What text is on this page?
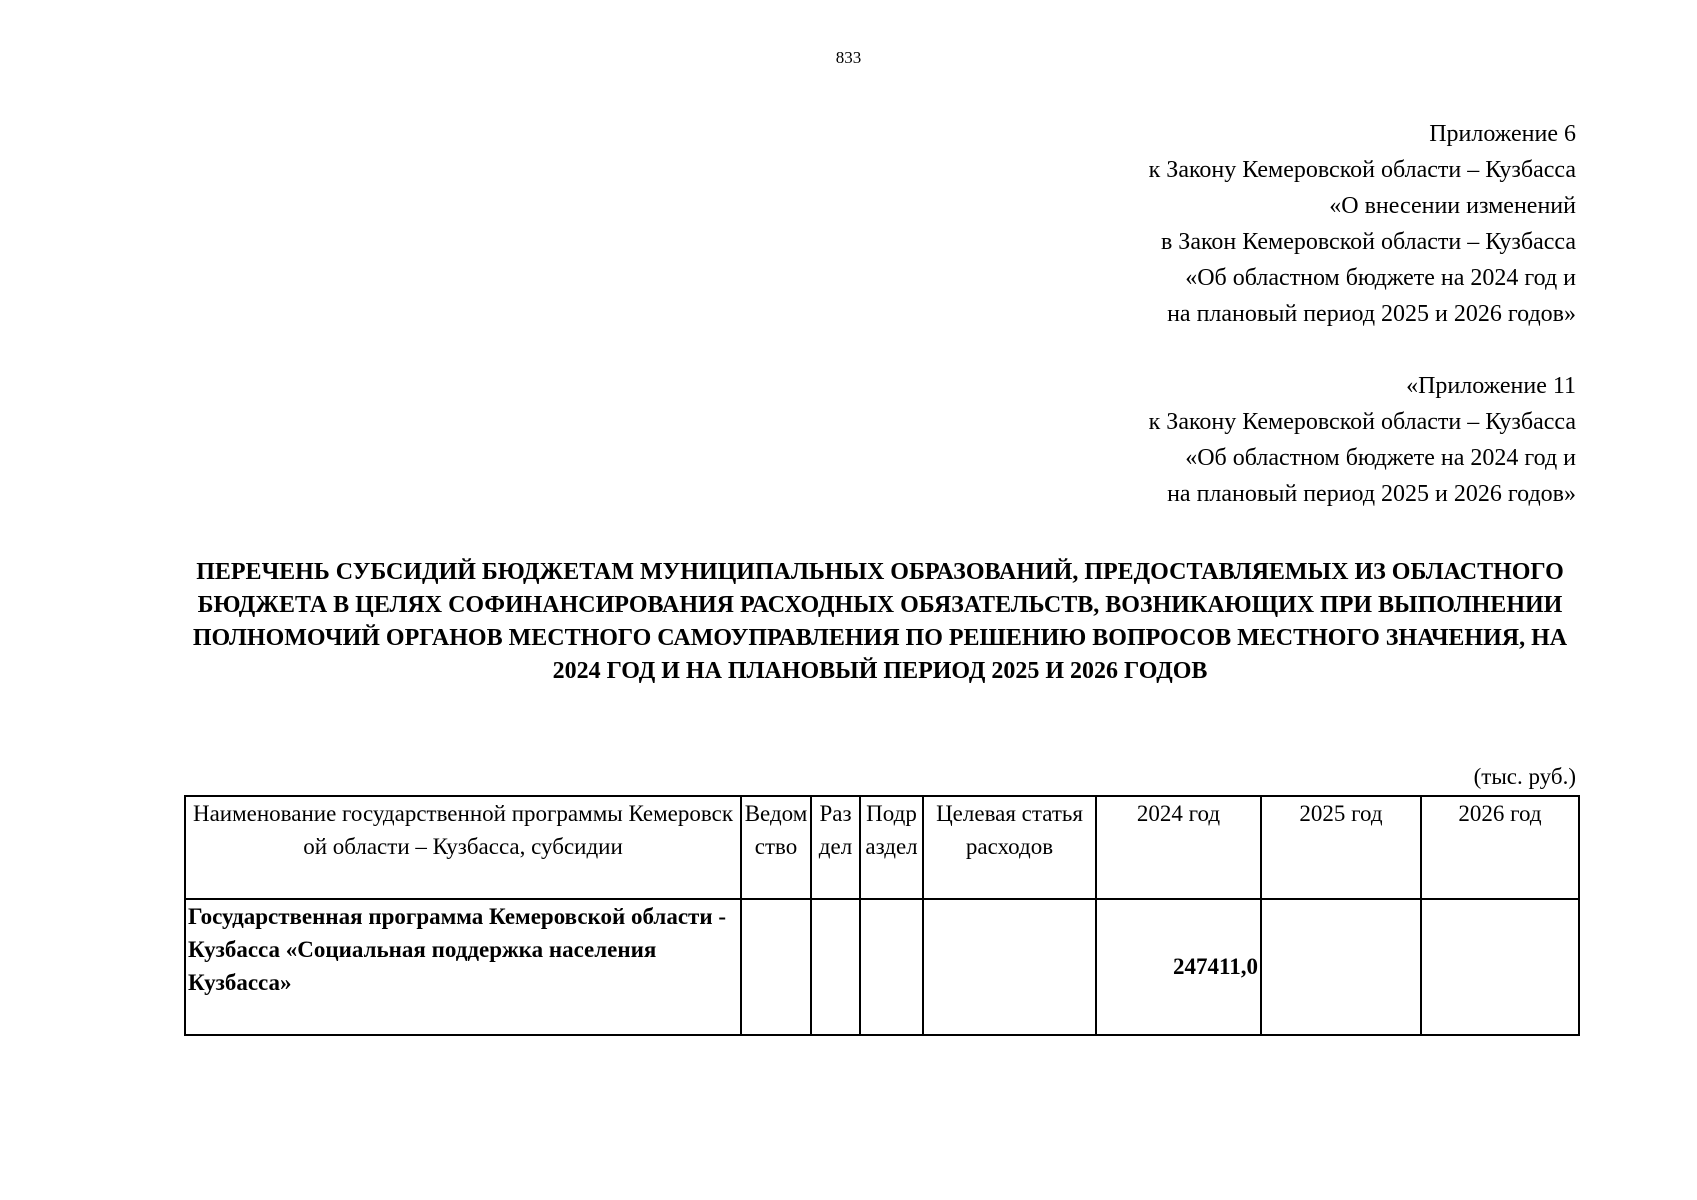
833
Приложение 6
к Закону Кемеровской области – Кузбасса
«О внесении изменений
в Закон Кемеровской области – Кузбасса
«Об областном бюджете на 2024 год и
на плановый период 2025 и 2026 годов»
«Приложение 11
к Закону Кемеровской области – Кузбасса
«Об областном бюджете на 2024 год и
на плановый период 2025 и 2026 годов»
ПЕРЕЧЕНЬ СУБСИДИЙ БЮДЖЕТАМ МУНИЦИПАЛЬНЫХ ОБРАЗОВАНИЙ, ПРЕДОСТАВЛЯЕМЫХ ИЗ ОБЛАСТНОГО БЮДЖЕТА В ЦЕЛЯХ СОФИНАНСИРОВАНИЯ РАСХОДНЫХ ОБЯЗАТЕЛЬСТВ, ВОЗНИКАЮЩИХ ПРИ ВЫПОЛНЕНИИ ПОЛНОМОЧИЙ ОРГАНОВ МЕСТНОГО САМОУПРАВЛЕНИЯ ПО РЕШЕНИЮ ВОПРОСОВ МЕСТНОГО ЗНАЧЕНИЯ, НА 2024 ГОД И НА ПЛАНОВЫЙ ПЕРИОД 2025 И 2026 ГОДОВ
(тыс. руб.)
Наименование государственной программы Кемеровской области – Кузбасса, субсидии	Ведомство	Раздел	Подраздел	Целевая статья расходов	2024 год	2025 год	2026 год
Государственная программа Кемеровской области - Кузбасса «Социальная поддержка населения Кузбасса»					247411,0		
